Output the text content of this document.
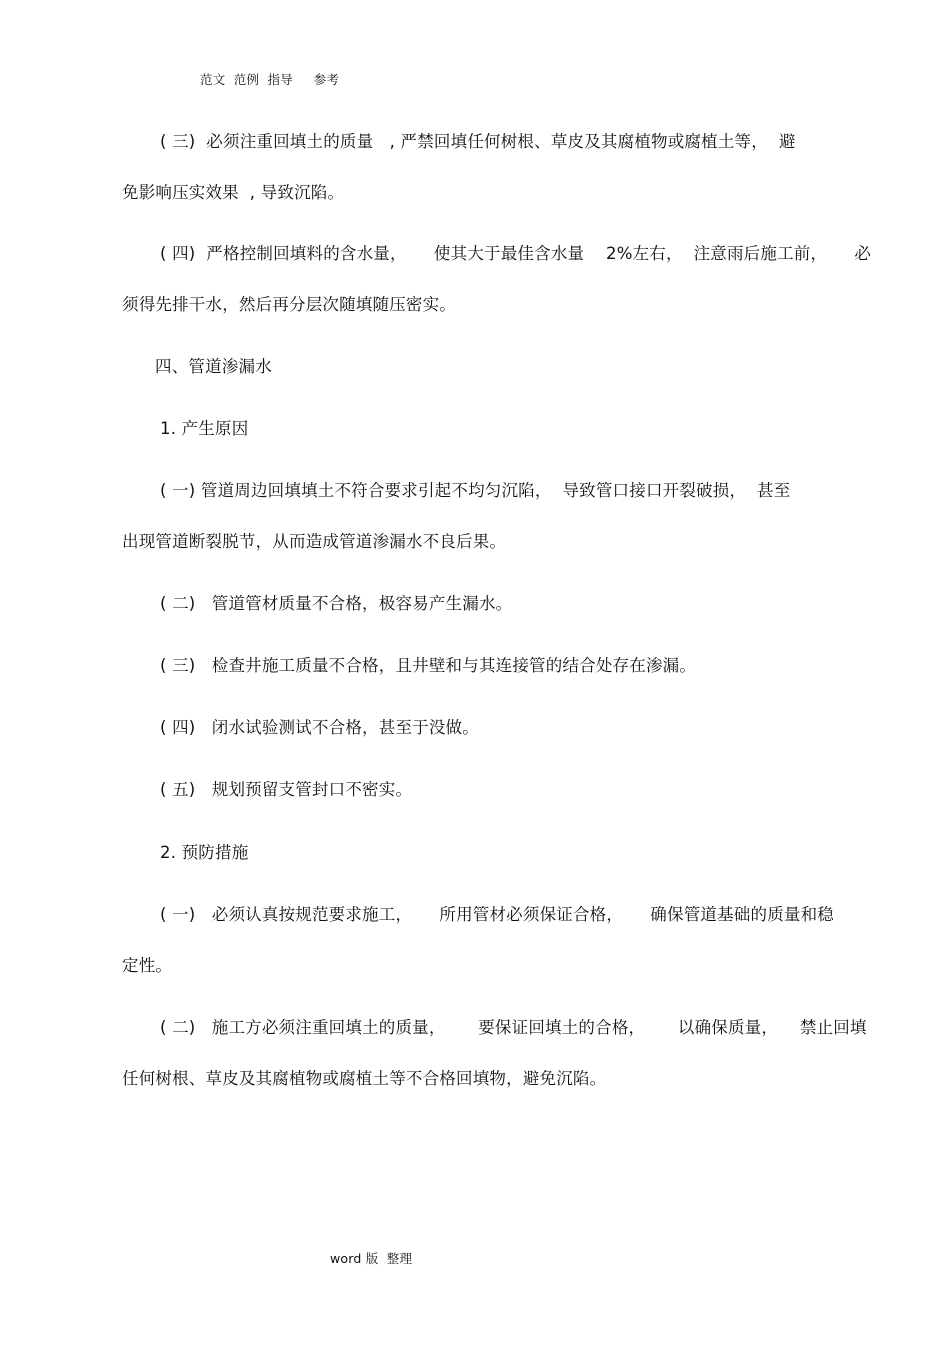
范文  范例  指导     参考
( 三)  必须注重回填土的质量   , 严禁回填任何树根、草皮及其腐植物或腐植土等，  避
免影响压实效果  , 导致沉陷。
( 四)  严格控制回填料的含水量，     使其大于最佳含水量    2%左右，  注意雨后施工前，     必
须得先排干水，然后再分层次随填随压密实。
四、管道渗漏水
1. 产生原因
( 一) 管道周边回填填土不符合要求引起不均匀沉陷，  导致管口接口开裂破损，  甚至
出现管道断裂脱节，从而造成管道渗漏水不良后果。
( 二)   管道管材质量不合格，极容易产生漏水。
( 三)   检查井施工质量不合格，且井壁和与其连接管的结合处存在渗漏。
( 四)   闭水试验测试不合格，甚至于没做。
( 五)   规划预留支管封口不密实。
2. 预防措施
( 一)   必须认真按规范要求施工，     所用管材必须保证合格，     确保管道基础的质量和稳
定性。
( 二)   施工方必须注重回填土的质量，      要保证回填土的合格，      以确保质量，    禁止回填
任何树根、草皮及其腐植物或腐植土等不合格回填物，避免沉陷。
word 版  整理
